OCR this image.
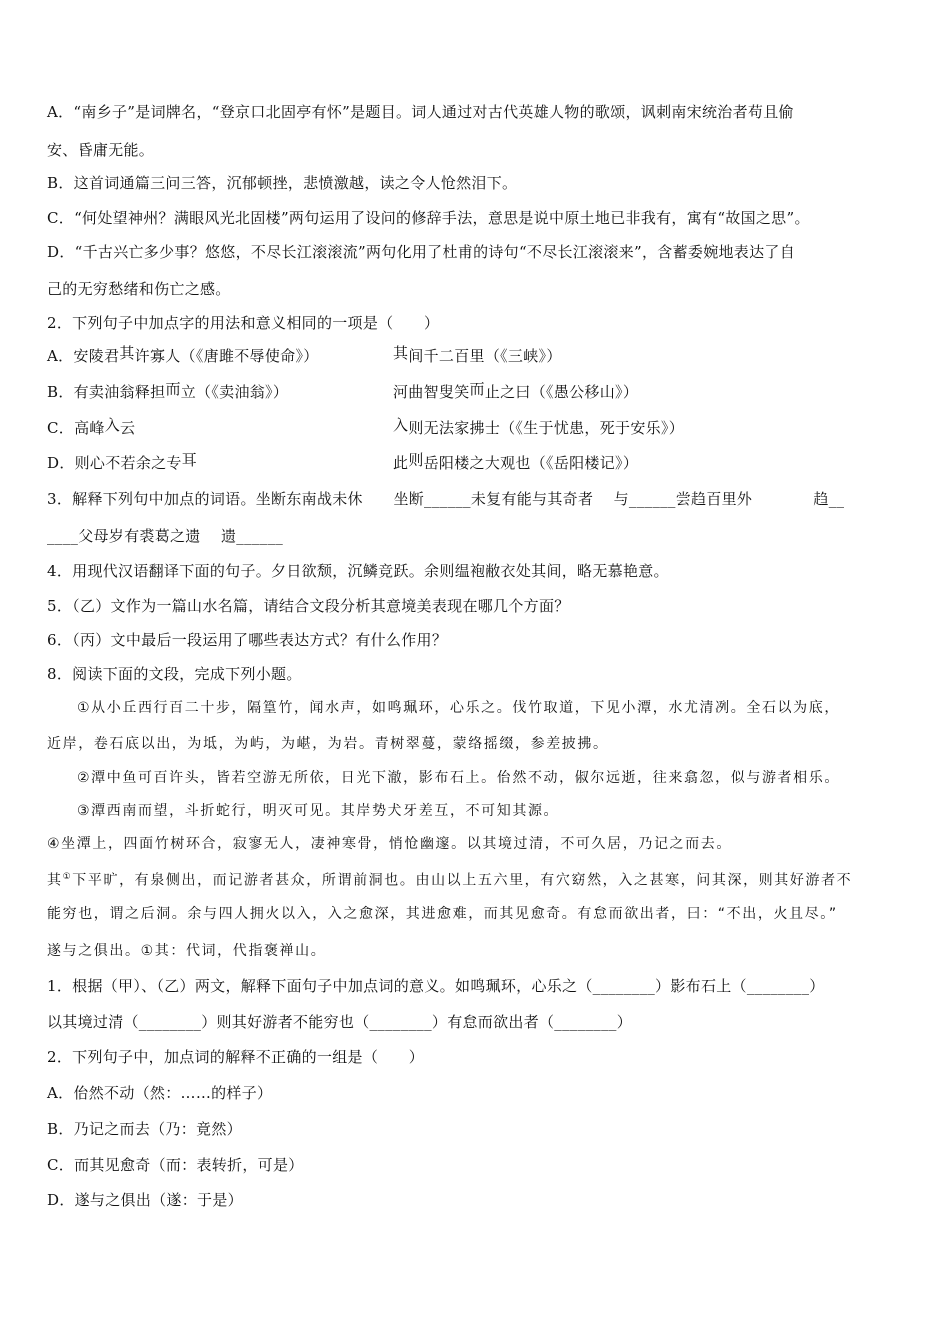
A．“南乡子”是词牌名，“登京口北固亭有怀”是题目。词人通过对古代英雄人物的歌颂，讽刺南宋统治者苟且偷
安、昏庸无能。
B．这首词通篇三问三答，沉郁顿挫，悲愤激越，读之令人怆然泪下。
C．“何处望神州？满眼风光北固楼”两句运用了设问的修辞手法，意思是说中原土地已非我有，寓有“故国之思”。
D．“千古兴亡多少事？悠悠，不尽长江滚滚流”两句化用了杜甫的诗句“不尽长江滚滚来”，含蓄委婉地表达了自
己的无穷愁绪和伤亡之感。
2．下列句子中加点字的用法和意义相同的一项是（　　）
A．安陵君其许寡人（《唐雎不辱使命》）	其间千二百里（《三峡》）
B．有卖油翁释担而立（《卖油翁》）	河曲智叟笑而止之曰（《愚公移山》）
C．高峰入云	入则无法家拂士（《生于忧患，死于安乐》）
D．则心不若余之专耳	此则岳阳楼之大观也（《岳阳楼记》）
3．解释下列句中加点的词语。坐断东南战未休　　坐断______未复有能与其奇者　 与______尝趋百里外　　　　趋__
____父母岁有裘葛之遗　 遗______
4．用现代汉语翻译下面的句子。夕日欲颓，沉鳞竞跃。余则缊袍敝衣处其间，略无慕艳意。
5．（乙）文作为一篇山水名篇，请结合文段分析其意境美表现在哪几个方面？
6．（丙）文中最后一段运用了哪些表达方式？有什么作用？
8．阅读下面的文段，完成下列小题。
①从小丘西行百二十步，隔篁竹，闻水声，如鸣珮环，心乐之。伐竹取道，下见小潭，水尤清冽。全石以为底，
近岸，卷石底以出，为坻，为屿，为嵁，为岩。青树翠蔓，蒙络摇缀，参差披拂。
②潭中鱼可百许头，皆若空游无所依，日光下澈，影布石上。佁然不动，俶尔远逝，往来翕忽，似与游者相乐。
③潭西南而望，斗折蛇行，明灭可见。其岸势犬牙差互，不可知其源。
④坐潭上，四面竹树环合，寂寥无人，凄神寒骨，悄怆幽邃。以其境过清，不可久居，乃记之而去。
其①下平旷，有泉侧出，而记游者甚众，所谓前洞也。由山以上五六里，有穴窈然，入之甚寒，问其深，则其好游者不
能穷也，谓之后洞。余与四人拥火以入，入之愈深，其进愈难，而其见愈奇。有怠而欲出者，曰：“不出，火且尽。”
遂与之俱出。①其：代词，代指褒禅山。
1．根据（甲）、（乙）两文，解释下面句子中加点词的意义。如鸣珮环，心乐之（________）影布石上（________）
以其境过清（________）则其好游者不能穷也（________）有怠而欲出者（________）
2．下列句子中，加点词的解释不正确的一组是（　　）
A．佁然不动（然：……的样子）
B．乃记之而去（乃：竟然）
C．而其见愈奇（而：表转折，可是）
D．遂与之俱出（遂：于是）
